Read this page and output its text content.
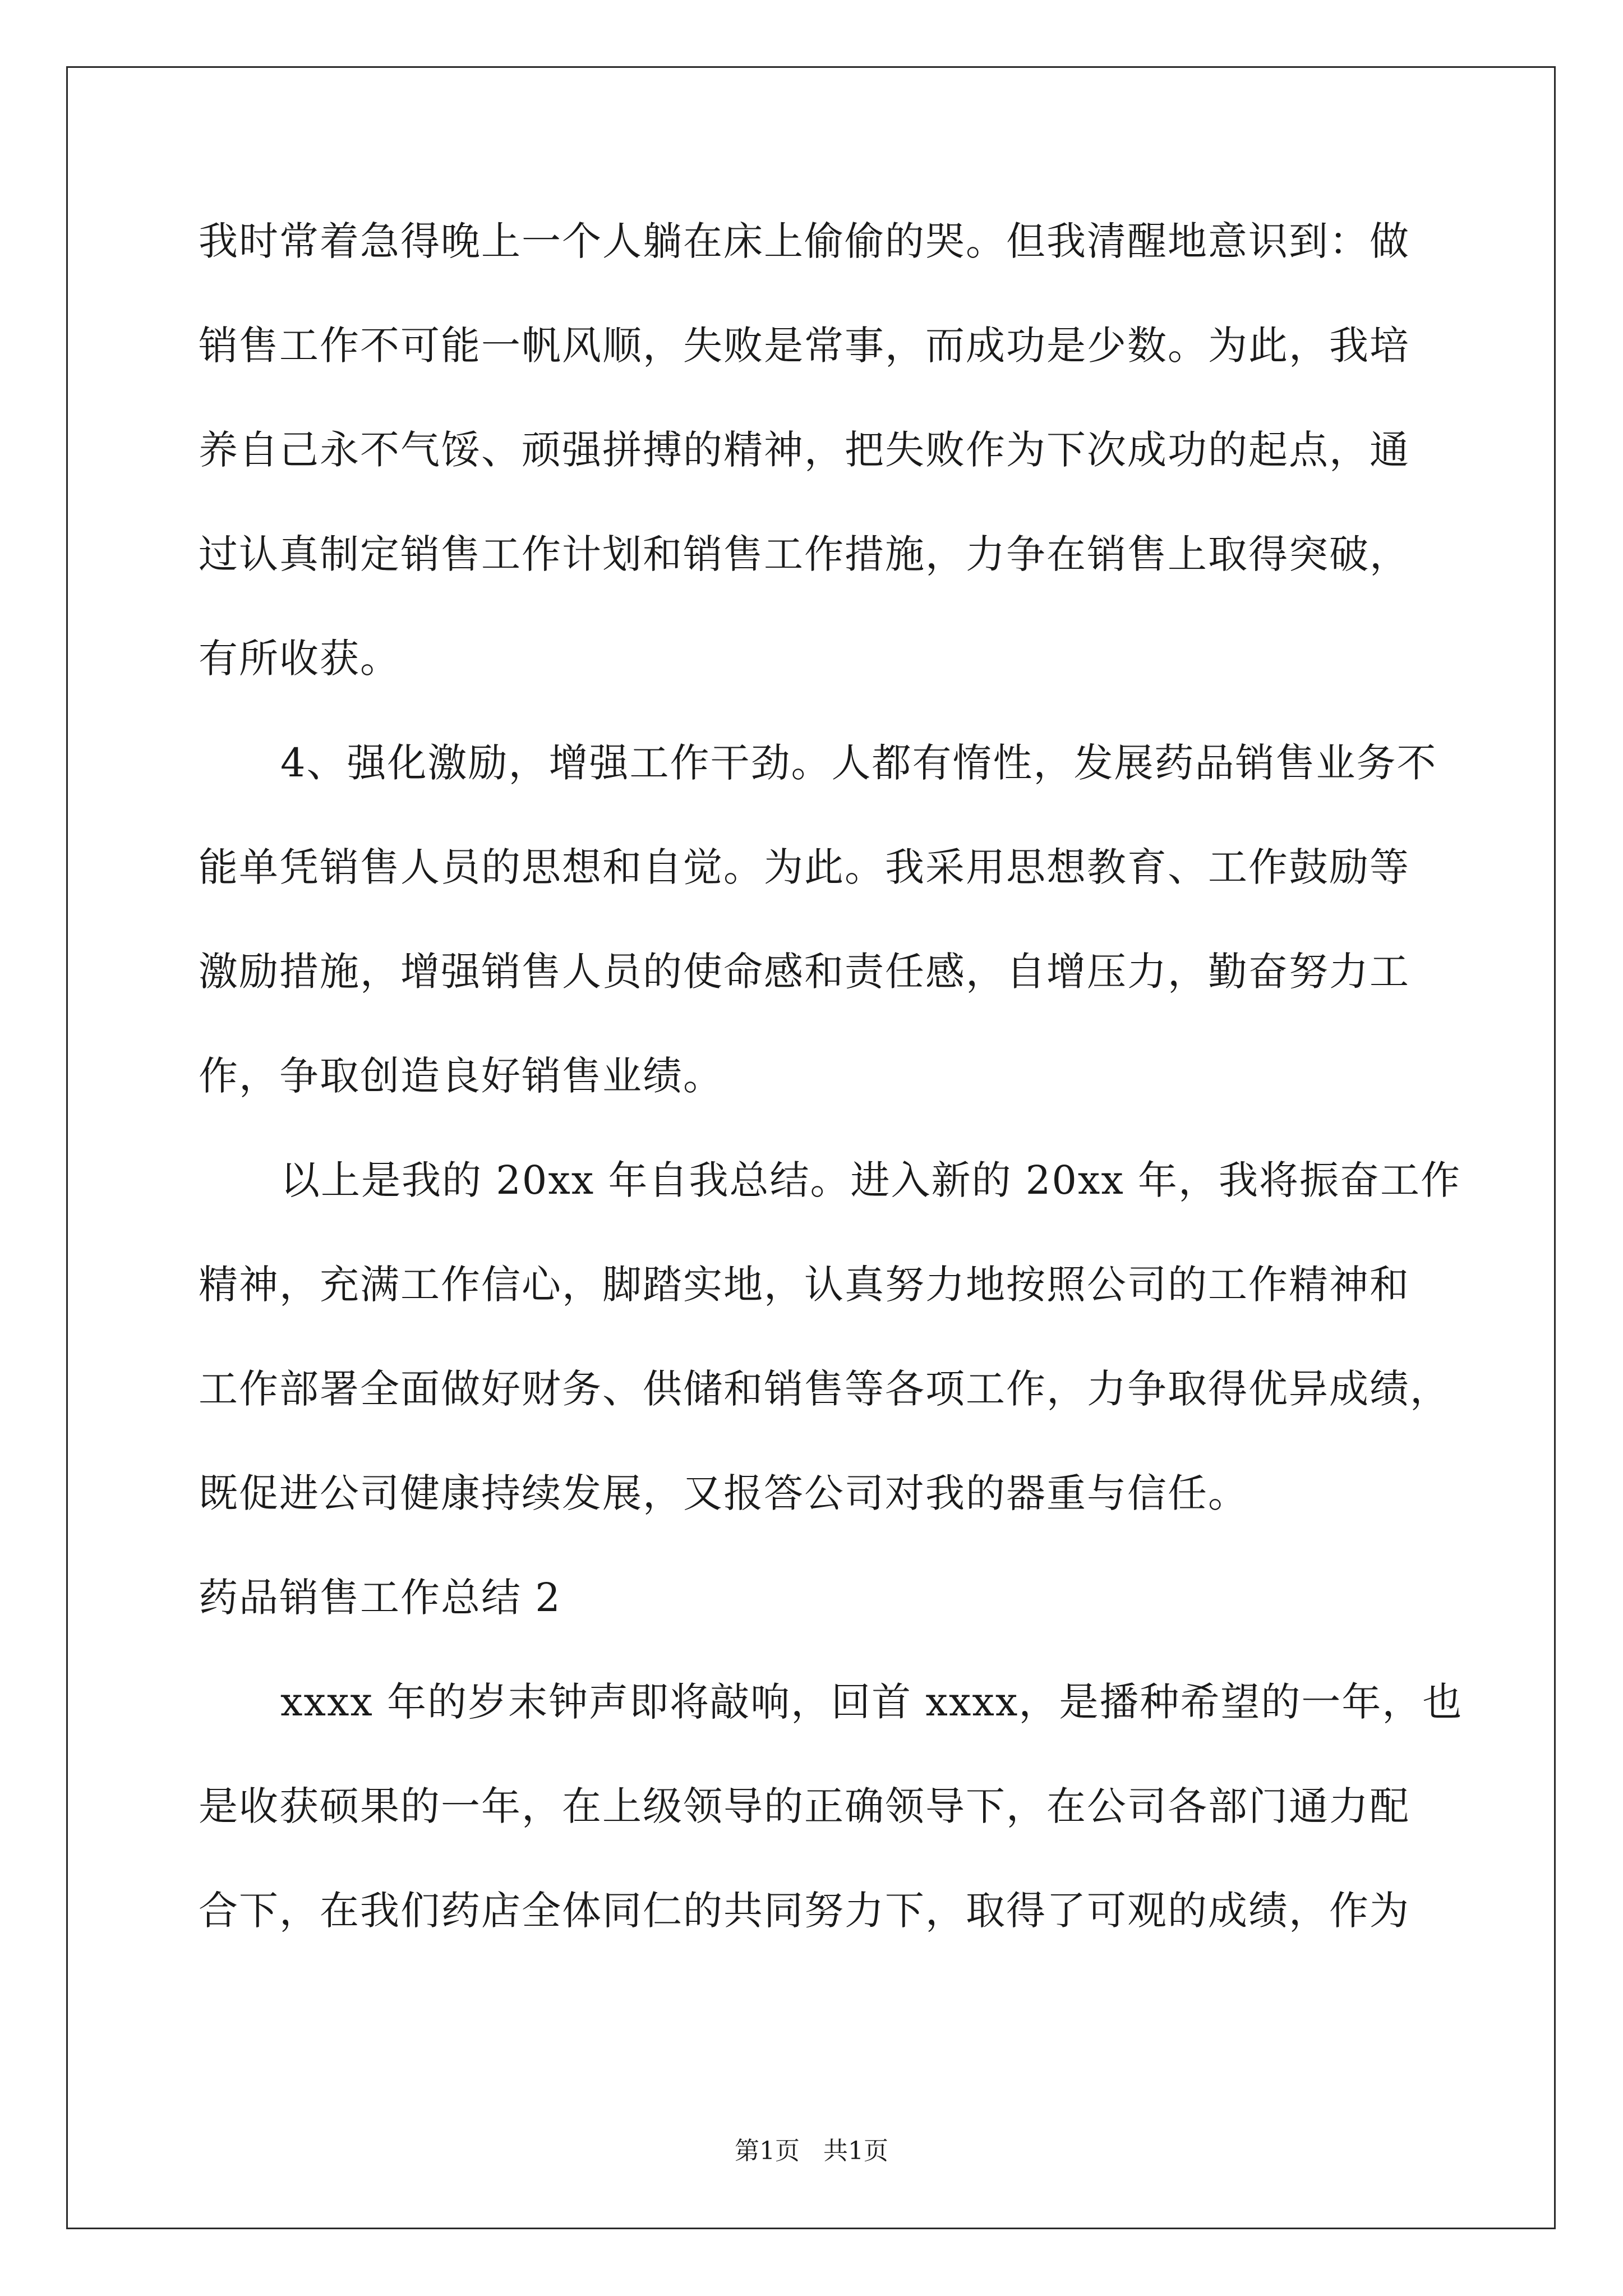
我时常着急得晚上一个人躺在床上偷偷的哭。但我清醒地意识到：做
销售工作不可能一帆风顺，失败是常事，而成功是少数。为此，我培
养自己永不气馁、顽强拼搏的精神，把失败作为下次成功的起点，通
过认真制定销售工作计划和销售工作措施，力争在销售上取得突破，
有所收获。
4、强化激励，增强工作干劲。人都有惰性，发展药品销售业务不
能单凭销售人员的思想和自觉。为此。我采用思想教育、工作鼓励等
激励措施，增强销售人员的使命感和责任感，自增压力，勤奋努力工
作，争取创造良好销售业绩。
以上是我的 20xx 年自我总结。进入新的 20xx 年，我将振奋工作
精神，充满工作信心，脚踏实地，认真努力地按照公司的工作精神和
工作部署全面做好财务、供储和销售等各项工作，力争取得优异成绩，
既促进公司健康持续发展，又报答公司对我的器重与信任。
药品销售工作总结 2
xxxx 年的岁末钟声即将敲响，回首 xxxx，是播种希望的一年，也
是收获硕果的一年，在上级领导的正确领导下，在公司各部门通力配
合下，在我们药店全体同仁的共同努力下，取得了可观的成绩，作为
第1页   共1页
